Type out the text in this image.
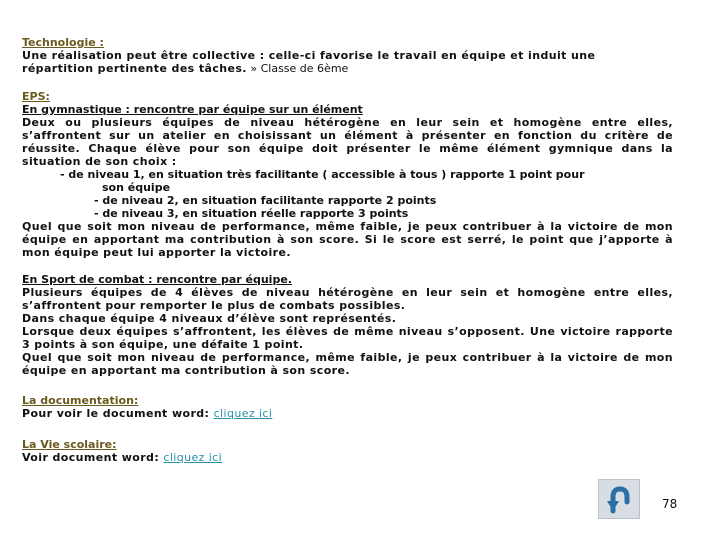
Technologie :
Une réalisation peut être collective : celle-ci favorise le travail en équipe et induit une
répartition pertinente des tâches. » Classe de 6ème
EPS:
En gymnastique : rencontre par équipe sur un élément
Deux ou plusieurs équipes de niveau hétérogène en leur sein et homogène entre elles, s’affrontent sur un atelier en choisissant un élément à présenter en fonction du critère de réussite. Chaque élève pour son équipe doit présenter le même élément gymnique dans la situation de son choix :
- de niveau 1, en situation très facilitante ( accessible à tous ) rapporte 1 point pour
son équipe
- de niveau 2, en situation facilitante rapporte 2 points
- de niveau 3, en situation réelle rapporte 3 points
Quel que soit mon niveau de performance, même faible, je peux contribuer à la victoire de mon équipe en apportant ma contribution à son score. Si le score est serré, le point que j’apporte à mon équipe peut lui apporter la victoire.
En Sport de combat : rencontre par équipe.
Plusieurs équipes de 4 élèves de niveau hétérogène en leur sein et homogène entre elles, s’affrontent pour remporter le plus de combats possibles.
Dans chaque équipe 4 niveaux d’élève sont représentés.
Lorsque deux équipes s’affrontent, les élèves de même niveau s’opposent. Une victoire rapporte 3 points à son équipe, une défaite 1 point.
Quel que soit mon niveau de performance, même faible, je peux contribuer à la victoire de mon équipe en apportant ma contribution à son score.
La documentation:
Pour voir le document word: cliquez ici
La Vie scolaire:
Voir document word: cliquez ici
78
